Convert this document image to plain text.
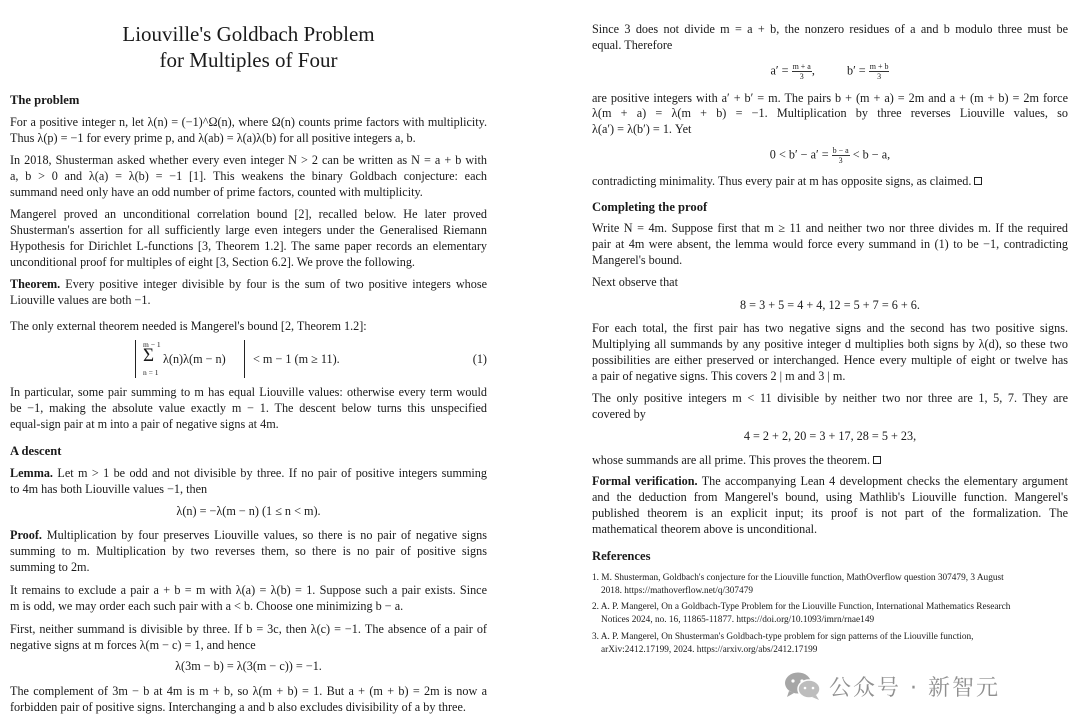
Liouville's Goldbach Problem
for Multiples of Four
The problem
For a positive integer n, let λ(n) = (−1)^Ω(n), where Ω(n) counts prime factors with multiplicity.
Thus λ(p) = −1 for every prime p, and λ(ab) = λ(a)λ(b) for all positive integers a, b.
In 2018, Shusterman asked whether every even integer N > 2 can be written as N = a + b with
a, b > 0 and λ(a) = λ(b) = −1 [1]. This weakens the binary Goldbach conjecture: each
summand need only have an odd number of prime factors, counted with multiplicity.
Mangerel proved an unconditional correlation bound [2], recalled below. He later proved
Shusterman's assertion for all sufficiently large even integers under the Generalised Riemann
Hypothesis for Dirichlet L-functions [3, Theorem 1.2]. The same paper records an elementary
unconditional proof for multiples of eight [3, Section 6.2]. We prove the following.
Theorem. Every positive integer divisible by four is the sum of two positive integers whose
Liouville values are both −1.
The only external theorem needed is Mangerel's bound [2, Theorem 1.2]:
m − 1
Σ
n = 1
λ(n)λ(m − n) < m − 1 (m ≥ 11).	(1)
In particular, some pair summing to m has equal Liouville values: otherwise every term would
be −1, making the absolute value exactly m − 1. The descent below turns this unspecified
equal-sign pair at m into a pair of negative signs at 4m.
A descent
Lemma. Let m > 1 be odd and not divisible by three. If no pair of positive integers summing
to 4m has both Liouville values −1, then
λ(n) = −λ(m − n) (1 ≤ n < m).
Proof. Multiplication by four preserves Liouville values, so there is no pair of negative signs
summing to m. Multiplication by two reverses them, so there is no pair of positive signs
summing to 2m.
It remains to exclude a pair a + b = m with λ(a) = λ(b) = 1. Suppose such a pair exists. Since
m is odd, we may order each such pair with a < b. Choose one minimizing b − a.
First, neither summand is divisible by three. If b = 3c, then λ(c) = −1. The absence of a pair of
negative signs at m forces λ(m − c) = 1, and hence
λ(3m − b) = λ(3(m − c)) = −1.
The complement of 3m − b at 4m is m + b, so λ(m + b) = 1. But a + (m + b) = 2m is now a
forbidden pair of positive signs. Interchanging a and b also excludes divisibility of a by three.
Since 3 does not divide m = a + b, the nonzero residues of a and b modulo three must be
equal. Therefore
$a' = \frac{m + a}{3}$ ,	$b' = \frac{m + b}{3}$
are positive integers with a′ + b′ = m. The pairs b + (m + a) = 2m and a + (m + b) = 2m force
λ(m + a) = λ(m + b) = −1. Multiplication by three reverses Liouville values, so
λ(a′) = λ(b′) = 1. Yet
$0 < b' - a' = \frac{b - a}{3} < b - a$,
contradicting minimality. Thus every pair at m has opposite signs, as claimed.
Completing the proof
Write N = 4m. Suppose first that m ≥ 11 and neither two nor three divides m. If the required
pair at 4m were absent, the lemma would force every summand in (1) to be −1, contradicting
Mangerel's bound.
Next observe that
8 = 3 + 5 = 4 + 4, 12 = 5 + 7 = 6 + 6.
For each total, the first pair has two negative signs and the second has two positive signs.
Multiplying all summands by any positive integer d multiplies both signs by λ(d), so these two
possibilities are either preserved or interchanged. Hence every multiple of eight or twelve has
a pair of negative signs. This covers 2 | m and 3 | m.
The only positive integers m < 11 divisible by neither two nor three are 1, 5, 7. They are
covered by
4 = 2 + 2, 20 = 3 + 17, 28 = 5 + 23,
whose summands are all prime. This proves the theorem.
Formal verification. The accompanying Lean 4 development checks the elementary argument
and the deduction from Mangerel's bound, using Mathlib's Liouville function. Mangerel's
published theorem is an explicit input; its proof is not part of the formalization. The
mathematical theorem above is unconditional.
References
1. M. Shusterman, Goldbach's conjecture for the Liouville function, MathOverflow question 307479, 3 August
2018. https://mathoverflow.net/q/307479
2. A. P. Mangerel, On a Goldbach-Type Problem for the Liouville Function, International Mathematics Research
Notices 2024, no. 16, 11865-11877. https://doi.org/10.1093/imrn/rnae149
3. A. P. Mangerel, On Shusterman's Goldbach-type problem for sign patterns of the Liouville function,
arXiv:2412.17199, 2024. https://arxiv.org/abs/2412.17199
公众号 · 新智元
